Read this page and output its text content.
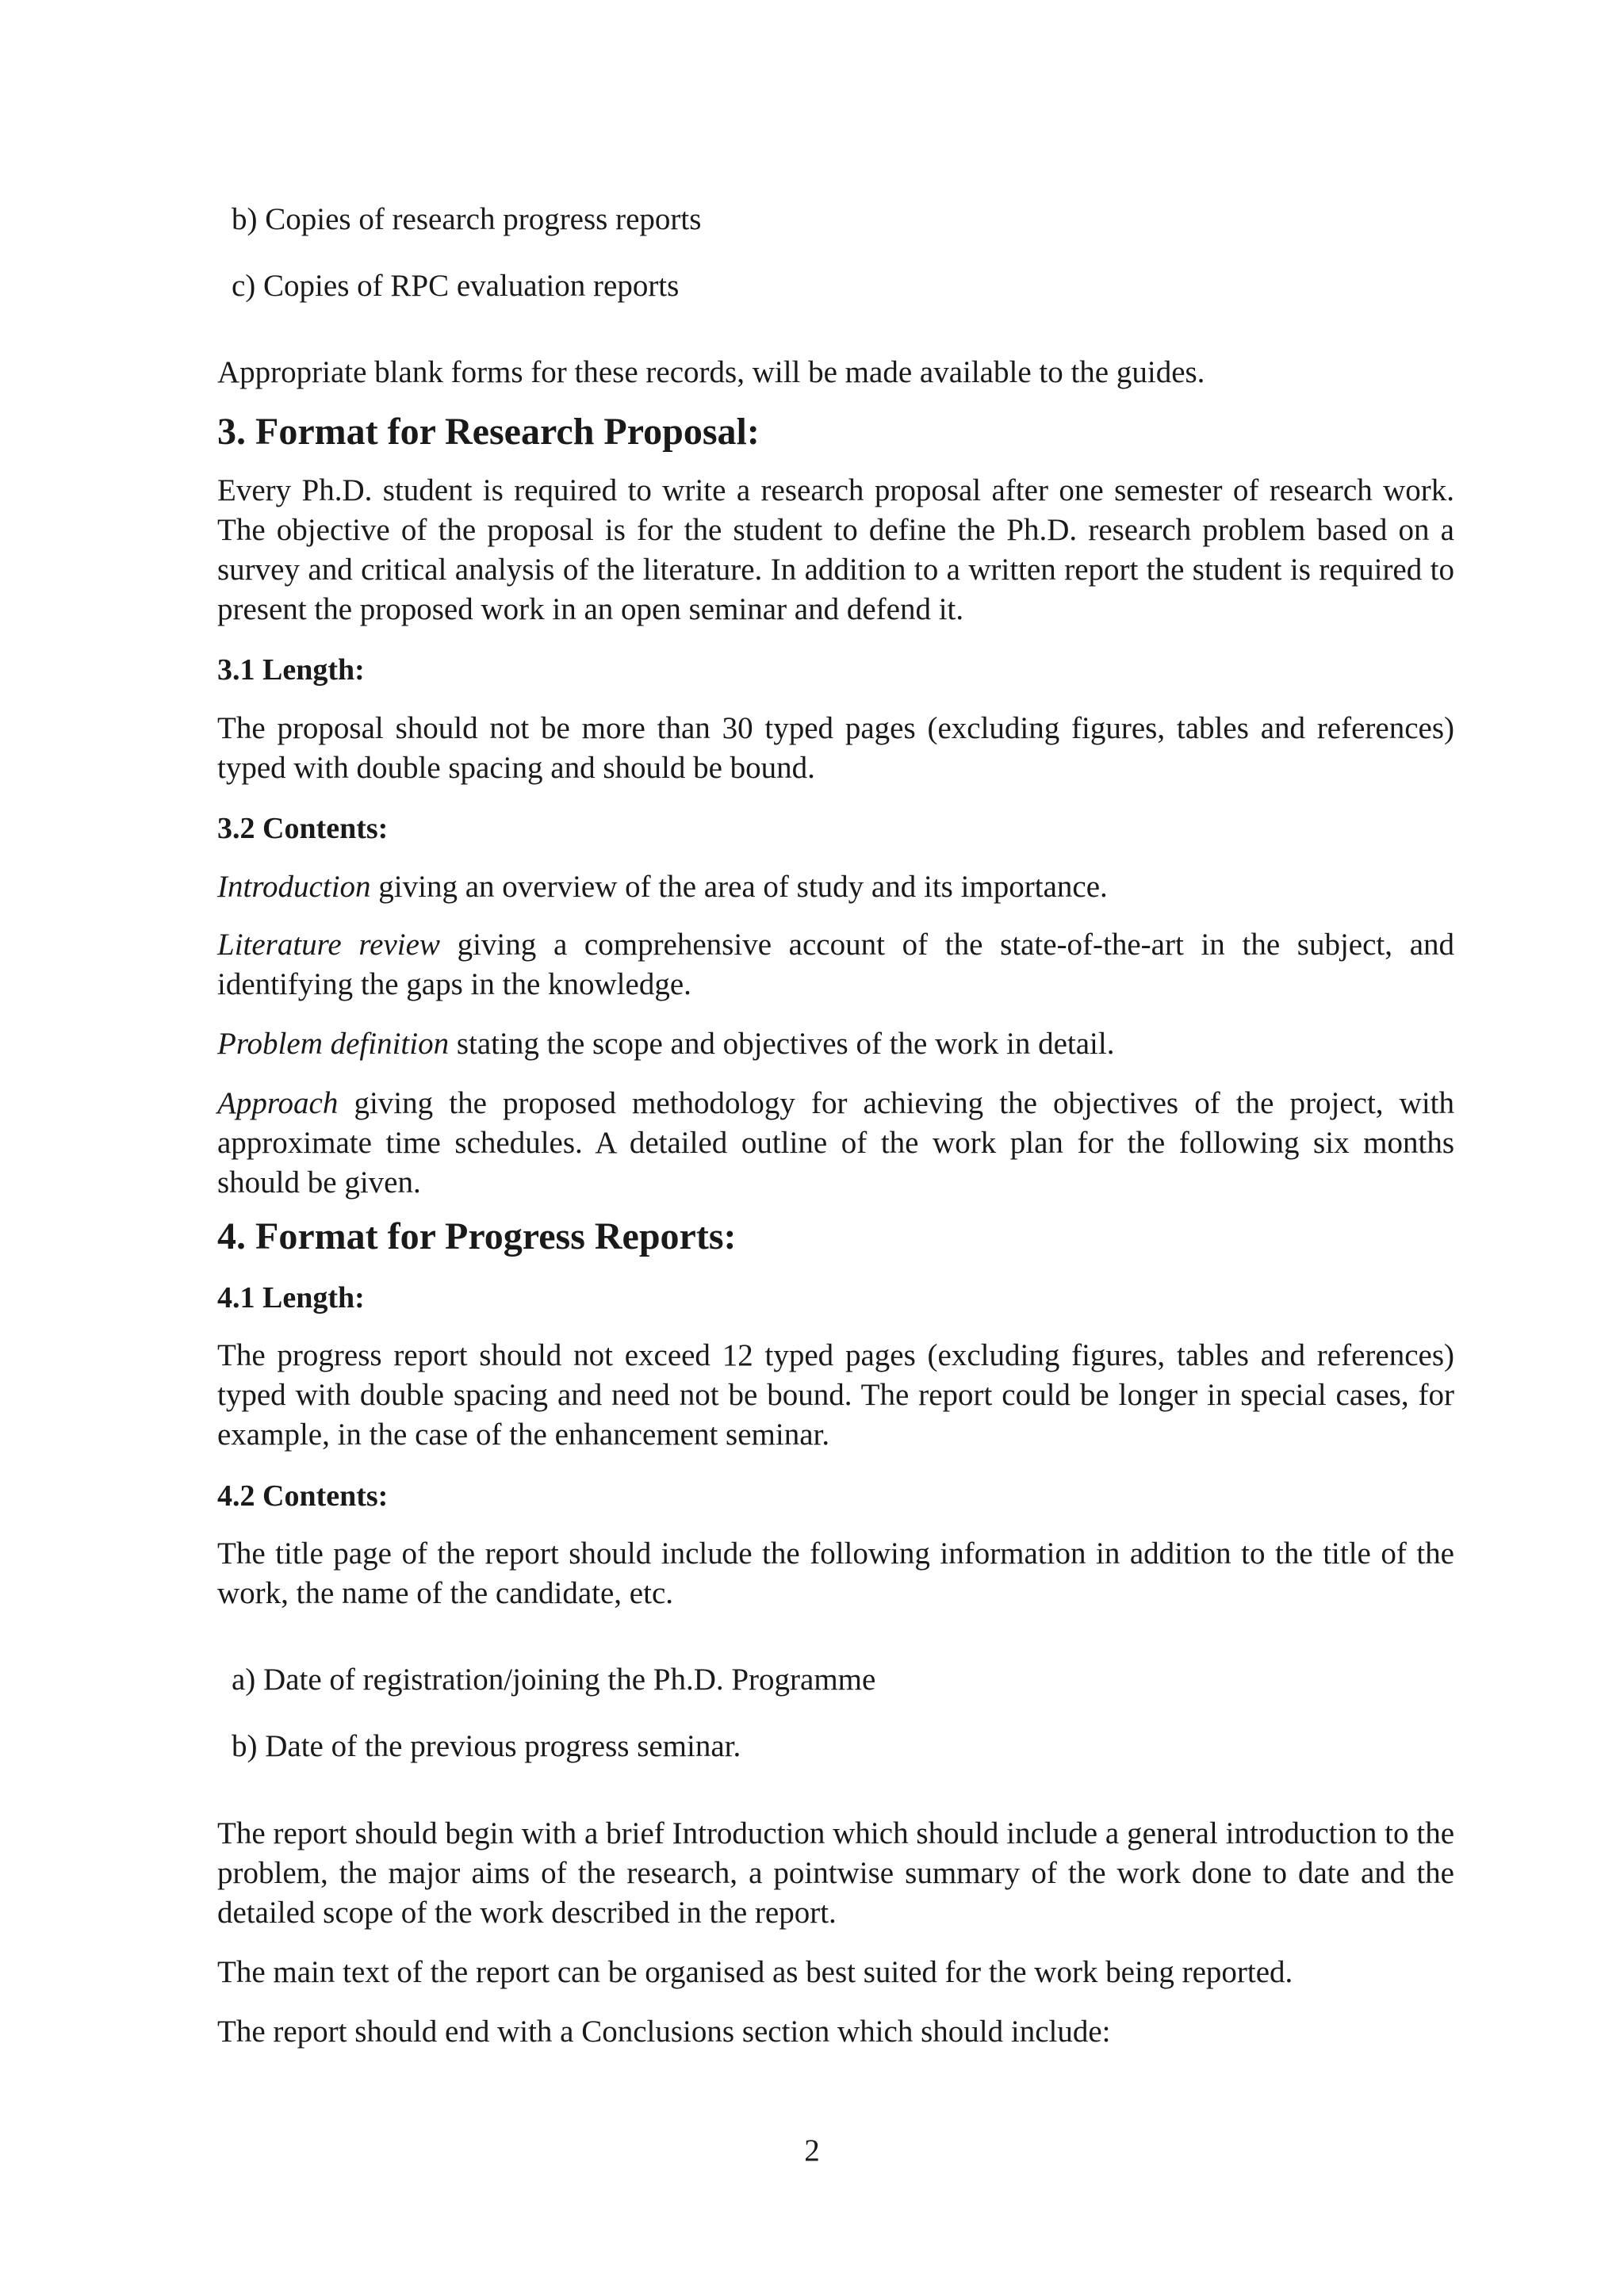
b) Copies of research progress reports
c) Copies of RPC evaluation reports

Appropriate blank forms for these records, will be made available to the guides.

3. Format for Research Proposal:

Every Ph.D. student is required to write a research proposal after one semester of research work. The objective of the proposal is for the student to define the Ph.D. research problem based on a survey and critical analysis of the literature. In addition to a written report the student is required to present the proposed work in an open seminar and defend it.

3.1 Length:

The proposal should not be more than 30 typed pages (excluding figures, tables and references) typed with double spacing and should be bound.

3.2 Contents:

Introduction giving an overview of the area of study and its importance.

Literature review giving a comprehensive account of the state-of-the-art in the subject, and identifying the gaps in the knowledge.

Problem definition stating the scope and objectives of the work in detail.

Approach giving the proposed methodology for achieving the objectives of the project, with approximate time schedules. A detailed outline of the work plan for the following six months should be given.

4. Format for Progress Reports:
4.1 Length:

The progress report should not exceed 12 typed pages (excluding figures, tables and references) typed with double spacing and need not be bound. The report could be longer in special cases, for example, in the case of the enhancement seminar.

4.2 Contents:

The title page of the report should include the following information in addition to the title of the work, the name of the candidate, etc.

a) Date of registration/joining the Ph.D. Programme
b) Date of the previous progress seminar.

The report should begin with a brief Introduction which should include a general introduction to the problem, the major aims of the research, a pointwise summary of the work done to date and the detailed scope of the work described in the report.

The main text of the report can be organised as best suited for the work being reported.

The report should end with a Conclusions section which should include:

2
